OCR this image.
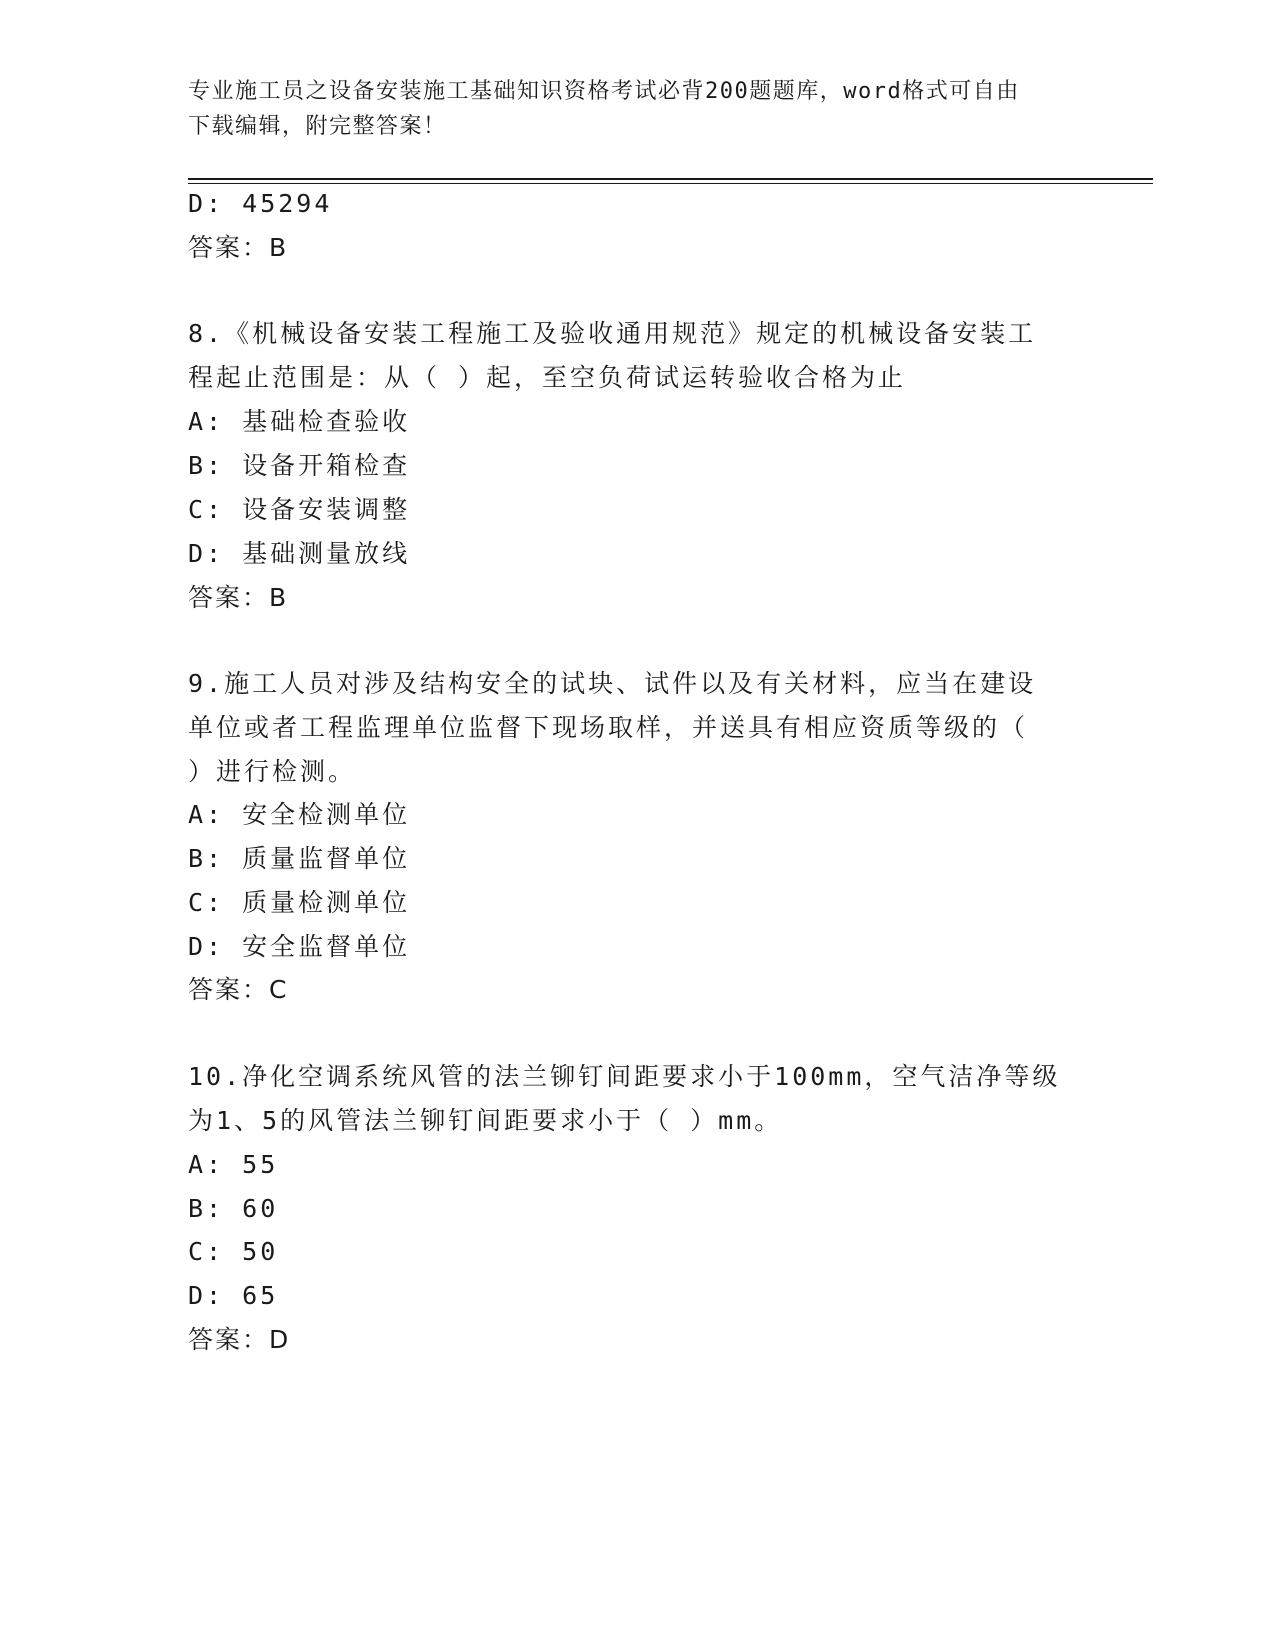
专业施工员之设备安装施工基础知识资格考试必背200题题库，word格式可自由
下载编辑，附完整答案！
D: 45294
答案：B
8.《机械设备安装工程施工及验收通用规范》规定的机械设备安装工
程起止范围是：从（ ）起，至空负荷试运转验收合格为止
A: 基础检查验收
B: 设备开箱检查
C: 设备安装调整
D: 基础测量放线
答案：B
9.施工人员对涉及结构安全的试块、试件以及有关材料，应当在建设
单位或者工程监理单位监督下现场取样，并送具有相应资质等级的（
）进行检测。
A: 安全检测单位
B: 质量监督单位
C: 质量检测单位
D: 安全监督单位
答案：C
10.净化空调系统风管的法兰铆钉间距要求小于100mm，空气洁净等级
为1、5的风管法兰铆钉间距要求小于（ ）mm。
A: 55
B: 60
C: 50
D: 65
答案：D
